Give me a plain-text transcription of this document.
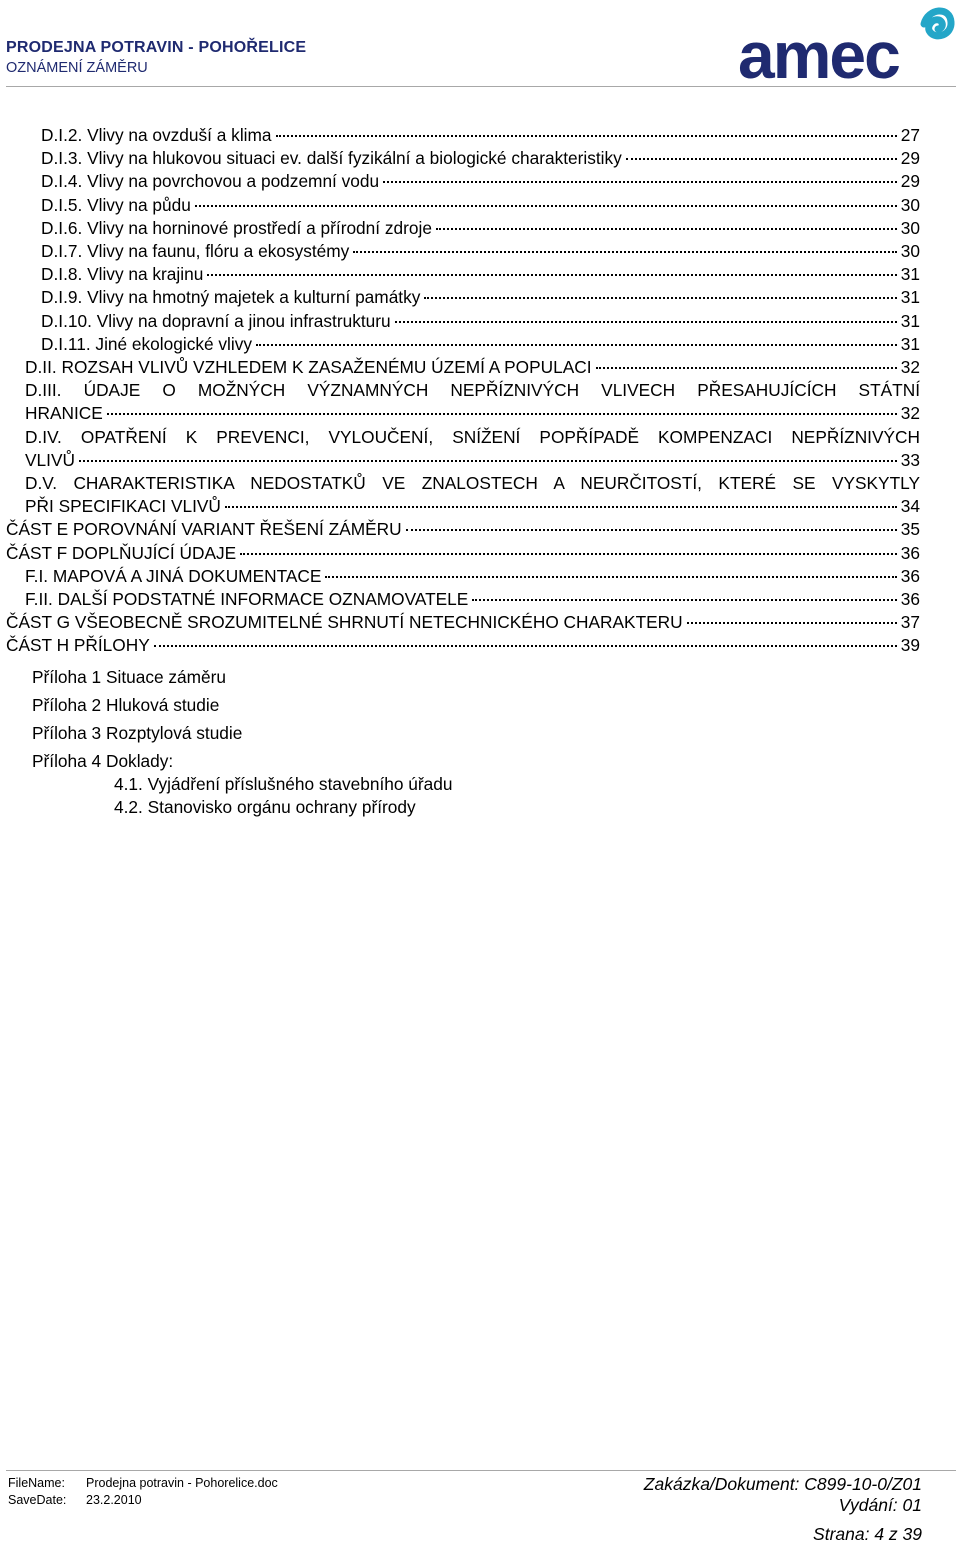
PRODEJNA POTRAVIN - POHOŘELICE
OZNÁMENÍ ZÁMĚRU	amec
D.I.2. Vlivy na ovzduší a klima	27
D.I.3. Vlivy na hlukovou situaci ev. další fyzikální a biologické charakteristiky	29
D.I.4. Vlivy na povrchovou a podzemní vodu	29
D.I.5. Vlivy na půdu	30
D.I.6. Vlivy na horninové prostředí a přírodní zdroje	30
D.I.7. Vlivy na faunu, flóru a ekosystémy	30
D.I.8. Vlivy na krajinu	31
D.I.9. Vlivy na hmotný majetek a kulturní památky	31
D.I.10. Vlivy na dopravní a jinou infrastrukturu	31
D.I.11. Jiné ekologické vlivy	31
D.II. ROZSAH VLIVŮ VZHLEDEM K ZASAŽENÉMU ÚZEMÍ A POPULACI	32
D.III. ÚDAJE O MOŽNÝCH VÝZNAMNÝCH NEPŘÍZNIVÝCH VLIVECH PŘESAHUJÍCÍCH STÁTNÍ
HRANICE	32
D.IV. OPATŘENÍ K PREVENCI, VYLOUČENÍ, SNÍŽENÍ POPŘÍPADĚ KOMPENZACI NEPŘÍZNIVÝCH
VLIVŮ	33
D.V. CHARAKTERISTIKA NEDOSTATKŮ VE ZNALOSTECH A NEURČITOSTÍ, KTERÉ SE VYSKYTLY
PŘI SPECIFIKACI VLIVŮ	34
ČÁST E POROVNÁNÍ VARIANT ŘEŠENÍ ZÁMĚRU	35
ČÁST F DOPLŇUJÍCÍ ÚDAJE	36
F.I. MAPOVÁ A JINÁ DOKUMENTACE	36
F.II. DALŠÍ PODSTATNÉ INFORMACE OZNAMOVATELE	36
ČÁST G VŠEOBECNĚ SROZUMITELNÉ SHRNUTÍ NETECHNICKÉHO CHARAKTERU	37
ČÁST H PŘÍLOHY	39
Příloha 1 Situace záměru
Příloha 2 Hluková studie
Příloha 3 Rozptylová studie
Příloha 4 Doklady:
4.1. Vyjádření příslušného stavebního úřadu
4.2. Stanovisko orgánu ochrany přírody
FileName: Prodejna potravin - Pohorelice.doc
SaveDate: 23.2.2010
Zakázka/Dokument: C899-10-0/Z01
Vydání: 01
Strana: 4 z 39
